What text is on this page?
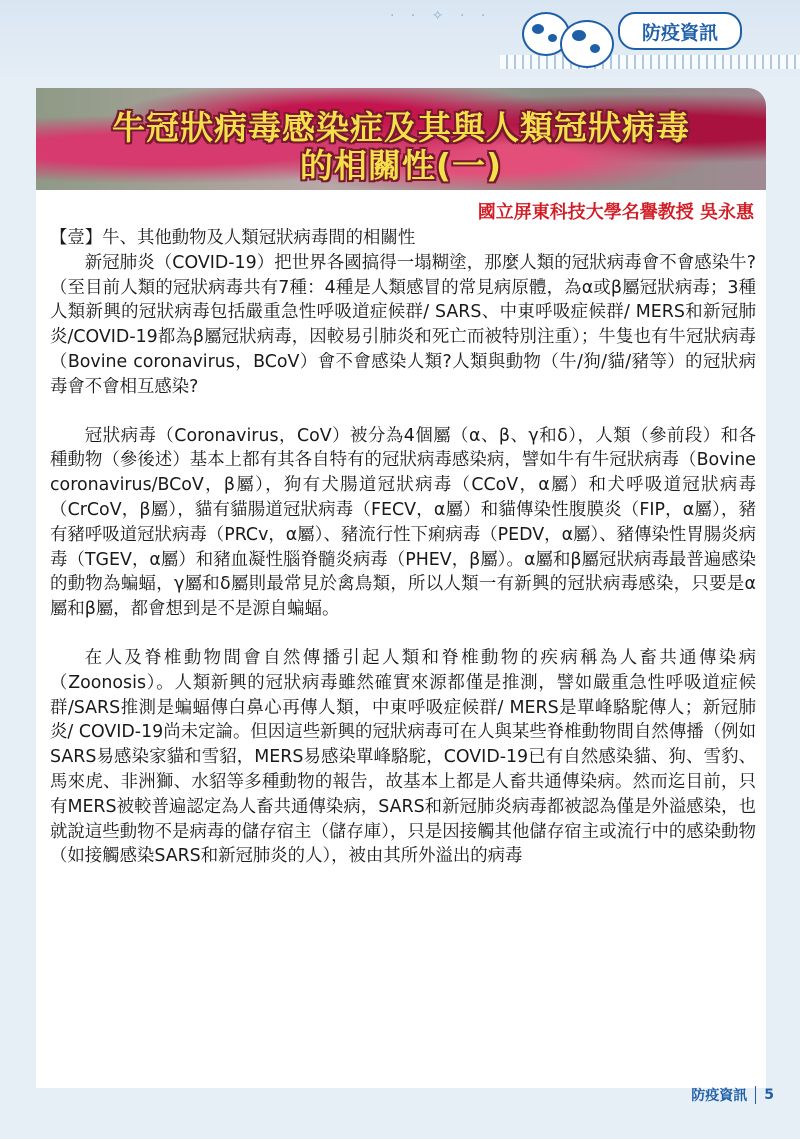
· · ✧ · ·
防疫資訊
牛冠狀病毒感染症及其與人類冠狀病毒
的相關性(一)
國立屏東科技大學名譽教授 吳永惠

【壹】牛、其他動物及人類冠狀病毒間的相關性

新冠肺炎（COVID-19）把世界各國搞得一塌糊塗，那麼人類的冠狀病毒會不會感染牛?（至目前人類的冠狀病毒共有7種：4種是人類感冒的常見病原體，為α或β屬冠狀病毒；3種人類新興的冠狀病毒包括嚴重急性呼吸道症候群/ SARS、中東呼吸症候群/ MERS和新冠肺炎/COVID-19都為β屬冠狀病毒，因較易引肺炎和死亡而被特別注重）；牛隻也有牛冠狀病毒（Bovine coronavirus，BCoV）會不會感染人類?人類與動物（牛/狗/貓/豬等）的冠狀病毒會不會相互感染?

冠狀病毒（Coronavirus，CoV）被分為4個屬（α、β、γ和δ），人類（參前段）和各種動物（參後述）基本上都有其各自特有的冠狀病毒感染病，譬如牛有牛冠狀病毒（Bovine coronavirus/BCoV，β屬），狗有犬腸道冠狀病毒（CCoV，α屬）和犬呼吸道冠狀病毒（CrCoV，β屬），貓有貓腸道冠狀病毒（FECV，α屬）和貓傳染性腹膜炎（FIP，α屬），豬有豬呼吸道冠狀病毒（PRCv，α屬）、豬流行性下痢病毒（PEDV，α屬）、豬傳染性胃腸炎病毒（TGEV，α屬）和豬血凝性腦脊髓炎病毒（PHEV，β屬）。α屬和β屬冠狀病毒最普遍感染的動物為蝙蝠，γ屬和δ屬則最常見於禽鳥類，所以人類一有新興的冠狀病毒感染，只要是α屬和β屬，都會想到是不是源自蝙蝠。

在人及脊椎動物間會自然傳播引起人類和脊椎動物的疾病稱為人畜共通傳染病（Zoonosis）。人類新興的冠狀病毒雖然確實來源都僅是推測，譬如嚴重急性呼吸道症候群/SARS推測是蝙蝠傳白鼻心再傳人類，中東呼吸症候群/ MERS是單峰駱駝傳人；新冠肺炎/ COVID-19尚未定論。但因這些新興的冠狀病毒可在人與某些脊椎動物間自然傳播（例如SARS易感染家貓和雪貂，MERS易感染單峰駱駝，COVID-19已有自然感染貓、狗、雪豹、馬來虎、非洲獅、水貂等多種動物的報告，故基本上都是人畜共通傳染病。然而迄目前，只有MERS被較普遍認定為人畜共通傳染病，SARS和新冠肺炎病毒都被認為僅是外溢感染，也就說這些動物不是病毒的儲存宿主（儲存庫），只是因接觸其他儲存宿主或流行中的感染動物（如接觸感染SARS和新冠肺炎的人），被由其所外溢出的病毒

防疫資訊 5
